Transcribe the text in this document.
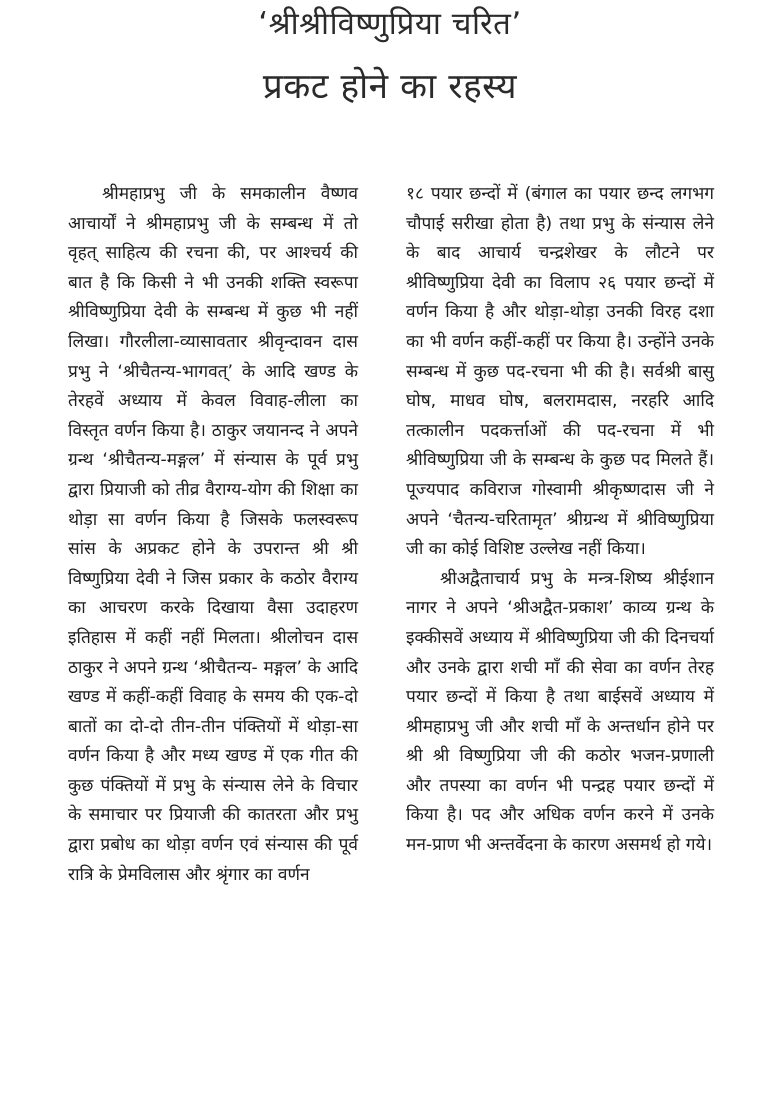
‘श्रीश्रीविष्णुप्रिया चरित’
प्रकट होने का रहस्य

श्रीमहाप्रभु जी के समकालीन वैष्णव आचार्यों ने श्रीमहाप्रभु जी के सम्बन्ध में तो वृहत् साहित्य की रचना की, पर आश्चर्य की बात है कि किसी ने भी उनकी शक्ति स्वरूपा श्रीविष्णुप्रिया देवी के सम्बन्ध में कुछ भी नहीं लिखा। गौरलीला-व्यासावतार श्रीवृन्दावन दास प्रभु ने ‘श्रीचैतन्य-भागवत्’ के आदि खण्ड के तेरहवें अध्याय में केवल विवाह-लीला का विस्तृत वर्णन किया है। ठाकुर जयानन्द ने अपने ग्रन्थ ‘श्रीचैतन्य-मङ्गल’ में संन्यास के पूर्व प्रभु द्वारा प्रियाजी को तीव्र वैराग्य-योग की शिक्षा का थोड़ा सा वर्णन किया है जिसके फलस्वरूप सांस के अप्रकट होने के उपरान्त श्री श्री विष्णुप्रिया देवी ने जिस प्रकार के कठोर वैराग्य का आचरण करके दिखाया वैसा उदाहरण इतिहास में कहीं नहीं मिलता। श्रीलोचन दास ठाकुर ने अपने ग्रन्थ ‘श्रीचैतन्य- मङ्गल’ के आदि खण्ड में कहीं-कहीं विवाह के समय की एक-दो बातों का दो-दो तीन-तीन पंक्तियों में थोड़ा-सा वर्णन किया है और मध्य खण्ड में एक गीत की कुछ पंक्तियों में प्रभु के संन्यास लेने के विचार के समाचार पर प्रियाजी की कातरता और प्रभु द्वारा प्रबोध का थोड़ा वर्णन एवं संन्यास की पूर्व रात्रि के प्रेमविलास और श्रृंगार का वर्णन

१८ पयार छन्दों में (बंगाल का पयार छन्द लगभग चौपाई सरीखा होता है) तथा प्रभु के संन्यास लेने के बाद आचार्य चन्द्रशेखर के लौटने पर श्रीविष्णुप्रिया देवी का विलाप २६ पयार छन्दों में वर्णन किया है और थोड़ा-थोड़ा उनकी विरह दशा का भी वर्णन कहीं-कहीं पर किया है। उन्होंने उनके सम्बन्ध में कुछ पद-रचना भी की है। सर्वश्री बासु घोष, माधव घोष, बलरामदास, नरहरि आदि तत्कालीन पदकर्त्ताओं की पद-रचना में भी श्रीविष्णुप्रिया जी के सम्बन्ध के कुछ पद मिलते हैं। पूज्यपाद कविराज गोस्वामी श्रीकृष्णदास जी ने अपने ‘चैतन्य-चरितामृत’ श्रीग्रन्थ में श्रीविष्णुप्रिया जी का कोई विशिष्ट उल्लेख नहीं किया।

श्रीअद्वैताचार्य प्रभु के मन्त्र-शिष्य श्रीईशान नागर ने अपने ‘श्रीअद्वैत-प्रकाश’ काव्य ग्रन्थ के इक्कीसवें अध्याय में श्रीविष्णुप्रिया जी की दिनचर्या और उनके द्वारा शची माँ की सेवा का वर्णन तेरह पयार छन्दों में किया है तथा बाईसवें अध्याय में श्रीमहाप्रभु जी और शची माँ के अन्तर्धान होने पर श्री श्री विष्णुप्रिया जी की कठोर भजन-प्रणाली और तपस्या का वर्णन भी पन्द्रह पयार छन्दों में किया है। पद और अधिक वर्णन करने में उनके मन-प्राण भी अन्तर्वेदना के कारण असमर्थ हो गये।
